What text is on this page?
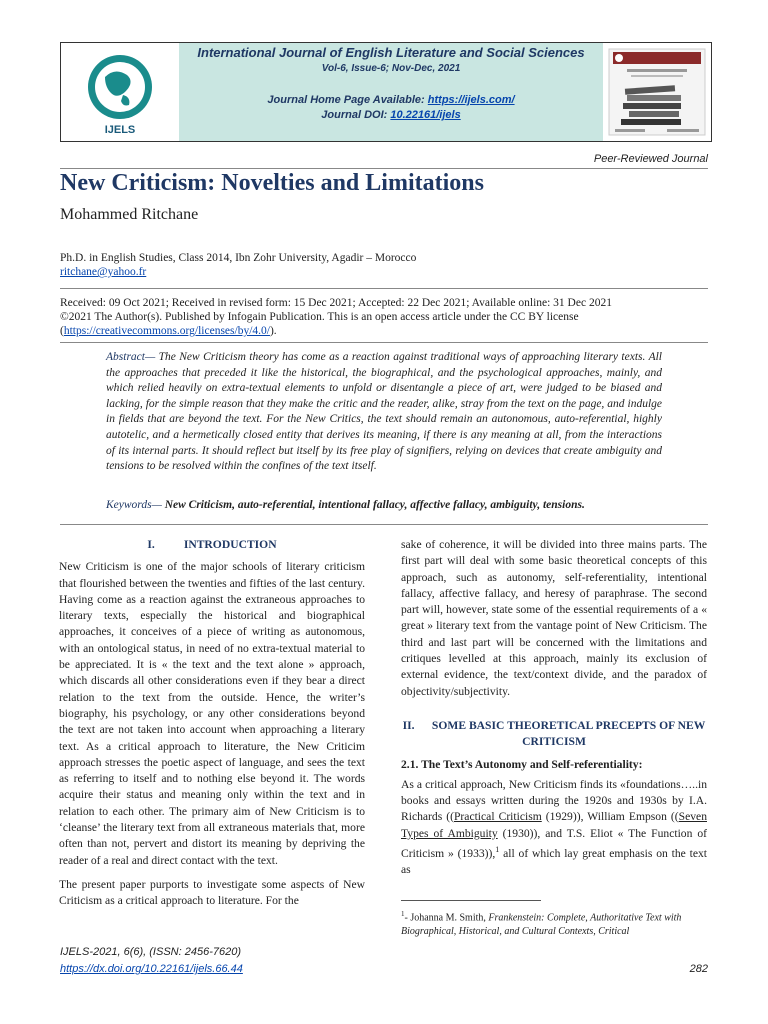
IJELS
International Journal of English Literature and Social Sciences
Vol-6, Issue-6; Nov-Dec, 2021
Journal Home Page Available: https://ijels.com/
Journal DOI: 10.22161/ijels
Peer-Reviewed Journal
New Criticism: Novelties and Limitations
Mohammed Ritchane
Ph.D. in English Studies, Class 2014, Ibn Zohr University, Agadir – Morocco
ritchane@yahoo.fr
Received: 09 Oct 2021; Received in revised form: 15 Dec 2021; Accepted: 22 Dec 2021; Available online: 31 Dec 2021
©2021 The Author(s). Published by Infogain Publication. This is an open access article under the CC BY license
(https://creativecommons.org/licenses/by/4.0/).
Abstract— The New Criticism theory has come as a reaction against traditional ways of approaching literary texts. All the approaches that preceded it like the historical, the biographical, and the psychological approaches, mainly, and which relied heavily on extra-textual elements to unfold or disentangle a piece of art, were judged to be biased and lacking, for the simple reason that they make the critic and the reader, alike, stray from the text on the page, and indulge in fields that are beyond the text. For the New Critics, the text should remain an autonomous, auto-referential, highly autotelic, and a hermetically closed entity that derives its meaning, if there is any meaning at all, from the interactions of its internal parts. It should reflect but itself by its free play of signifiers, relying on devices that create ambiguity and tensions to be resolved within the confines of the text itself.
Keywords— New Criticism, auto-referential, intentional fallacy, affective fallacy, ambiguity, tensions.
I.          INTRODUCTION

New Criticism is one of the major schools of literary criticism that flourished between the twenties and fifties of the last century. Having come as a reaction against the extraneous approaches to literary texts, especially the historical and biographical approaches, it conceives of a piece of writing as autonomous, with an ontological status, in need of no extra-textual material to be appreciated. It is « the text and the text alone » approach, which discards all other considerations even if they bear a direct relation to the text from the outside. Hence, the writer’s biography, his psychology, or any other considerations beyond the text are not taken into account when approaching a literary text. As a critical approach to literature, the New Criticim approach stresses the poetic aspect of language, and sees the text as referring to itself and to nothing else beyond it. The words acquire their status and meaning only within the text and in relation to each other. The primary aim of New Criticism is to ‘cleanse’ the literary text from all extraneous materials that, more often than not, pervert and distort its meaning by depriving the reader of a real and direct contact with the text.

The present paper purports to investigate some aspects of New Criticism as a critical approach to literature. For the

sake of coherence, it will be divided into three mains parts. The first part will deal with some basic theoretical concepts of this approach, such as autonomy, self-referentiality, intentional fallacy, affective fallacy, and heresy of paraphrase. The second part will, however, state some of the essential requirements of a « great » literary text from the vantage point of New Criticism. The third and last part will be concerned with the limitations and critiques levelled at this approach, mainly its exclusion of external evidence, the text/context divide, and the paradox of objectivity/subjectivity.

II.      SOME BASIC THEORETICAL PRECEPTS OF NEW CRITICISM
2.1. The Text’s Autonomy and Self-referentiality:

As a critical approach, New Criticism finds its «foundations…..in books and essays written during the 1920s and 1930s by I.A. Richards ((Practical Criticism (1929)), William Empson ((Seven Types of Ambiguity (1930)), and T.S. Eliot « The Function of Criticism » (1933)),$^1$ all of which lay great emphasis on the text as

$^1$- Johanna M. Smith, Frankenstein: Complete, Authoritative Text with Biographical, Historical, and Cultural Contexts, Critical
IJELS-2021, 6(6), (ISSN: 2456-7620)
https://dx.doi.org/10.22161/ijels.66.44	282
